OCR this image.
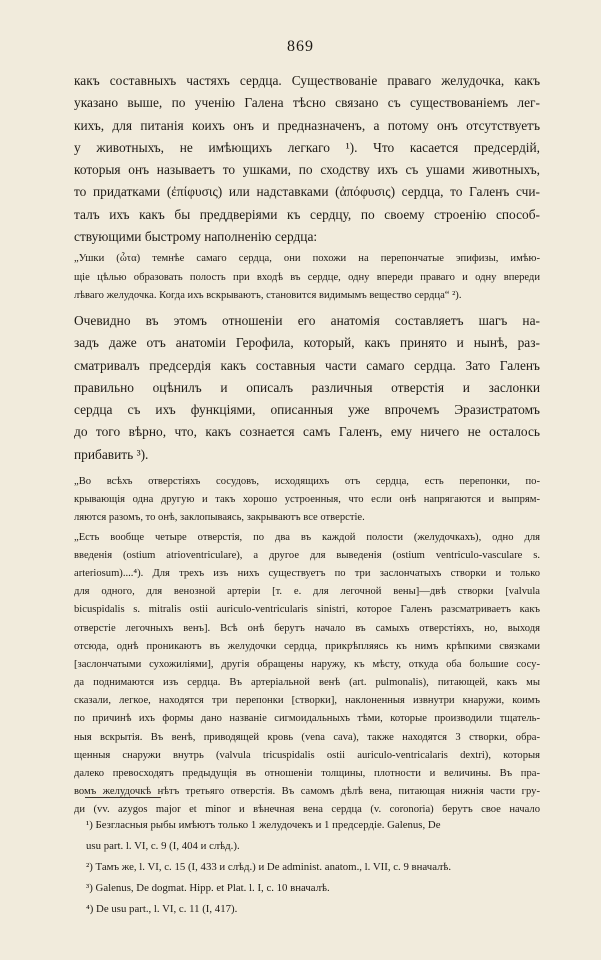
869
какъ составныхъ частяхъ сердца. Существованіе праваго желудочка, какъ
указано выше, по ученію Галена тѣсно связано съ существованіемъ лег-
кихъ, для питанія коихъ онъ и предназначенъ, а потому онъ отсутствуетъ
у животныхъ, не имѣющихъ легкаго ¹). Что касается предсердій,
которыя онъ называетъ то ушками, по сходству ихъ съ ушами животныхъ,
то придатками (ἐπίφυσις) или надставками (ἀπόφυσις) сердца, то Галенъ счи-
талъ ихъ какъ бы преддверіями къ сердцу, по своему строенію способ-
ствующими быстрому наполненію сердца:
„Ушки (ὦτα) темнѣе самаго сердца, они похожи на перепончатые эпифизы, имѣю-
щіе цѣлью образовать полость при входѣ въ сердце, одну впереди праваго и одну впереди
лѣваго желудочка. Когда ихъ вскрываютъ, становится видимымъ вещество сердца“ ²).
Очевидно въ этомъ отношеніи его анатомія составляетъ шагъ на-
задъ даже отъ анатоміи Герофила, который, какъ принято и нынѣ, раз-
сматривалъ предсердія какъ составныя части самаго сердца. Зато Галенъ
правильно оцѣнилъ и описалъ различныя отверстія и заслонки
сердца съ ихъ функціями, описанныя уже впрочемъ Эразистратомъ
до того вѣрно, что, какъ сознается самъ Галенъ, ему ничего не осталось
прибавить ³).
„Во всѣхъ отверстіяхъ сосудовъ, исходящихъ отъ сердца, есть перепонки, по-
крывающія одна другую и такъ хорошо устроенныя, что если онѣ напрягаются и выпрям-
ляются разомъ, то онѣ, заклопываясь, закрываютъ все отверстіе.
„Есть вообще четыре отверстія, по два въ каждой полости (желудочкахъ), одно для
введенія (ostium atrioventriculare), а другое для выведенія (ostium ventriculo-vasculare s.
arteriosum)....⁴). Для трехъ изъ нихъ существуетъ по три заслончатыхъ створки и только
для одного, для венозной артеріи [т. е. для легочной вены]—двѣ створки [valvula
bicuspidalis s. mitralis ostii auriculo-ventricularis sinistri, которое Галенъ разсматриваетъ какъ
отверстіе легочныхъ венъ]. Всѣ онѣ берутъ начало въ самыхъ отверстіяхъ, но, выходя
отсюда, однѣ проникаютъ въ желудочки сердца, прикрѣпляясь къ нимъ крѣпкими связками
[заслончатыми сухожиліями], другія обращены наружу, къ мѣсту, откуда оба большие сосу-
да поднимаются изъ сердца. Въ артеріальной венѣ (art. pulmonalis), питающей, какъ мы
сказали, легкое, находятся три перепонки [створки], наклоненныя извнутри кнаружи, коимъ
по причинѣ ихъ формы дано названіе сигмоидальныхъ тѣми, которые производили тщатель-
ныя вскрытія. Въ венѣ, приводящей кровь (vena cava), также находятся 3 створки, обра-
щенныя снаружи внутрь (valvula tricuspidalis ostii auriculo-ventricalaris dextri), которыя
далеко превосходятъ предыдущія въ отношеніи толщины, плотности и величины. Въ пра-
вомъ желудочкѣ нѣтъ третьяго отверстія. Въ самомъ дѣлѣ вена, питающая нижнія части гру-
ди (vv. azygos major et minor и вѣнечная вена сердца (v. coronoria) берутъ свое начало
¹) Безгласныя рыбы имѣютъ только 1 желудочекъ и 1 предсердіе. Galenus, De
usu part. l. VI, c. 9 (I, 404 и слѣд.).
²) Тамъ же, l. VI, c. 15 (I, 433 и слѣд.) и De administ. anatom., l. VII, c. 9 вначалѣ.
³) Galenus, De dogmat. Hipp. et Plat. l. I, c. 10 вначалѣ.
⁴) De usu part., l. VI, c. 11 (I, 417).
